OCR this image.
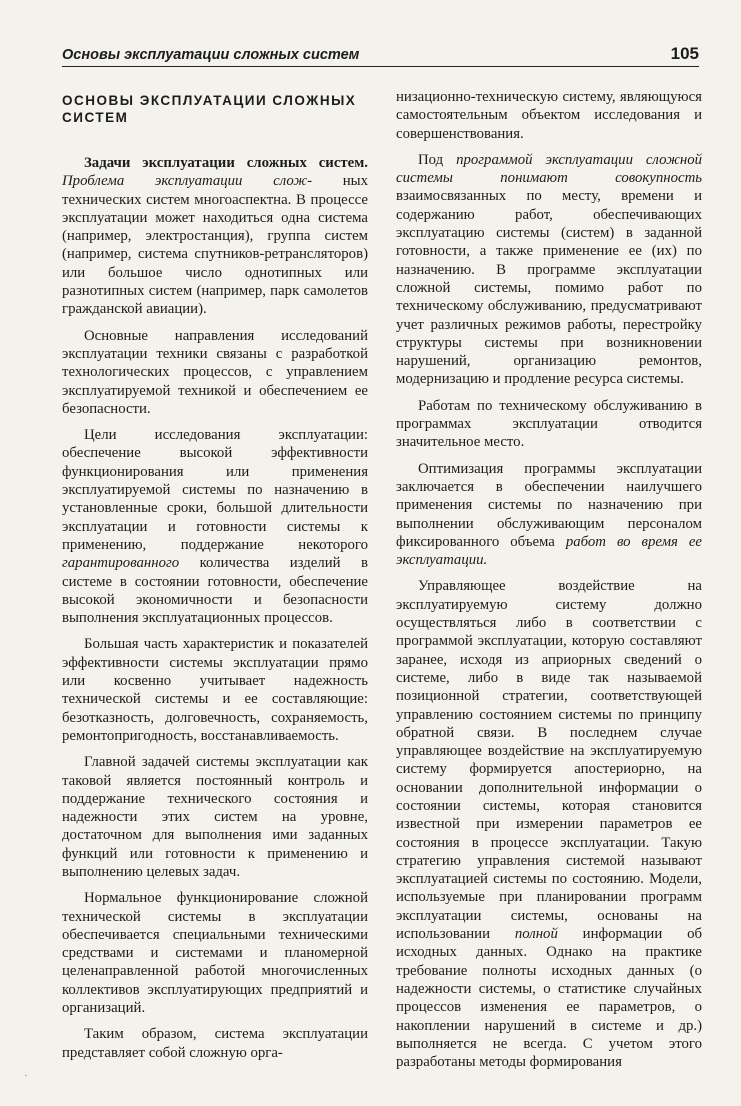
Основы эксплуатации сложных систем	105
ОСНОВЫ ЭКСПЛУАТАЦИИ СЛОЖНЫХ СИСТЕМ

Задачи эксплуатации сложных систем. Проблема эксплуатации слож- ных технических систем многоаспектна. В процессе эксплуатации может находиться одна система (например, электростанция), группа систем (например, система спутников-ретрансляторов) или большое число однотипных или разнотипных систем (например, парк самолетов гражданской авиации).

Основные направления исследований эксплуатации техники связаны с разработкой технологических процессов, с управлением эксплуатируемой техникой и обеспечением ее безопасности.

Цели исследования эксплуатации: обеспечение высокой эффективности функционирования или применения эксплуатируемой системы по назначению в установленные сроки, большой длительности эксплуатации и готовности системы к применению, поддержание некоторого гарантированного количества изделий в системе в состоянии готовности, обеспечение высокой экономичности и безопасности выполнения эксплуатационных процессов.

Большая часть характеристик и показателей эффективности системы эксплуатации прямо или косвенно учитывает надежность технической системы и ее составляющие: безотказность, долговечность, сохраняемость, ремонтопригодность, восстанавливаемость.

Главной задачей системы эксплуатации как таковой является постоянный контроль и поддержание технического состояния и надежности этих систем на уровне, достаточном для выполнения ими заданных функций или готовности к применению и выполнению целевых задач.

Нормальное функционирование сложной технической системы в эксплуатации обеспечивается специальными техническими средствами и системами и планомерной целенаправленной работой многочисленных коллективов эксплуатирующих предприятий и организаций.

Таким образом, система эксплуатации представляет собой сложную орга-

низационно-техническую систему, являющуюся самостоятельным объектом исследования и совершенствования.

Под программой эксплуатации сложной системы понимают совокупность взаимосвязанных по месту, времени и содержанию работ, обеспечивающих эксплуатацию системы (систем) в заданной готовности, а также применение ее (их) по назначению. В программе эксплуатации сложной системы, помимо работ по техническому обслуживанию, предусматривают учет различных режимов работы, перестройку структуры системы при возникновении нарушений, организацию ремонтов, модернизацию и продление ресурса системы.

Работам по техническому обслуживанию в программах эксплуатации отводится значительное место.

Оптимизация программы эксплуатации заключается в обеспечении наилучшего применения системы по назначению при выполнении обслуживающим персоналом фиксированного объема работ во время ее эксплуатации.

Управляющее воздействие на эксплуатируемую систему должно осуществляться либо в соответствии с программой эксплуатации, которую составляют заранее, исходя из априорных сведений о системе, либо в виде так называемой позиционной стратегии, соответствующей управлению состоянием системы по принципу обратной связи. В последнем случае управляющее воздействие на эксплуатируемую систему формируется апостериорно, на основании дополнительной информации о состоянии системы, которая становится известной при измерении параметров ее состояния в процессе эксплуатации. Такую стратегию управления системой называют эксплуатацией системы по состоянию. Модели, используемые при планировании программ эксплуатации системы, основаны на использовании полной информации об исходных данных. Однако на практике требование полноты исходных данных (о надежности системы, о статистике случайных процессов изменения ее параметров, о накоплении нарушений в системе и др.) выполняется не всегда. С учетом этого разработаны методы формирования

·
